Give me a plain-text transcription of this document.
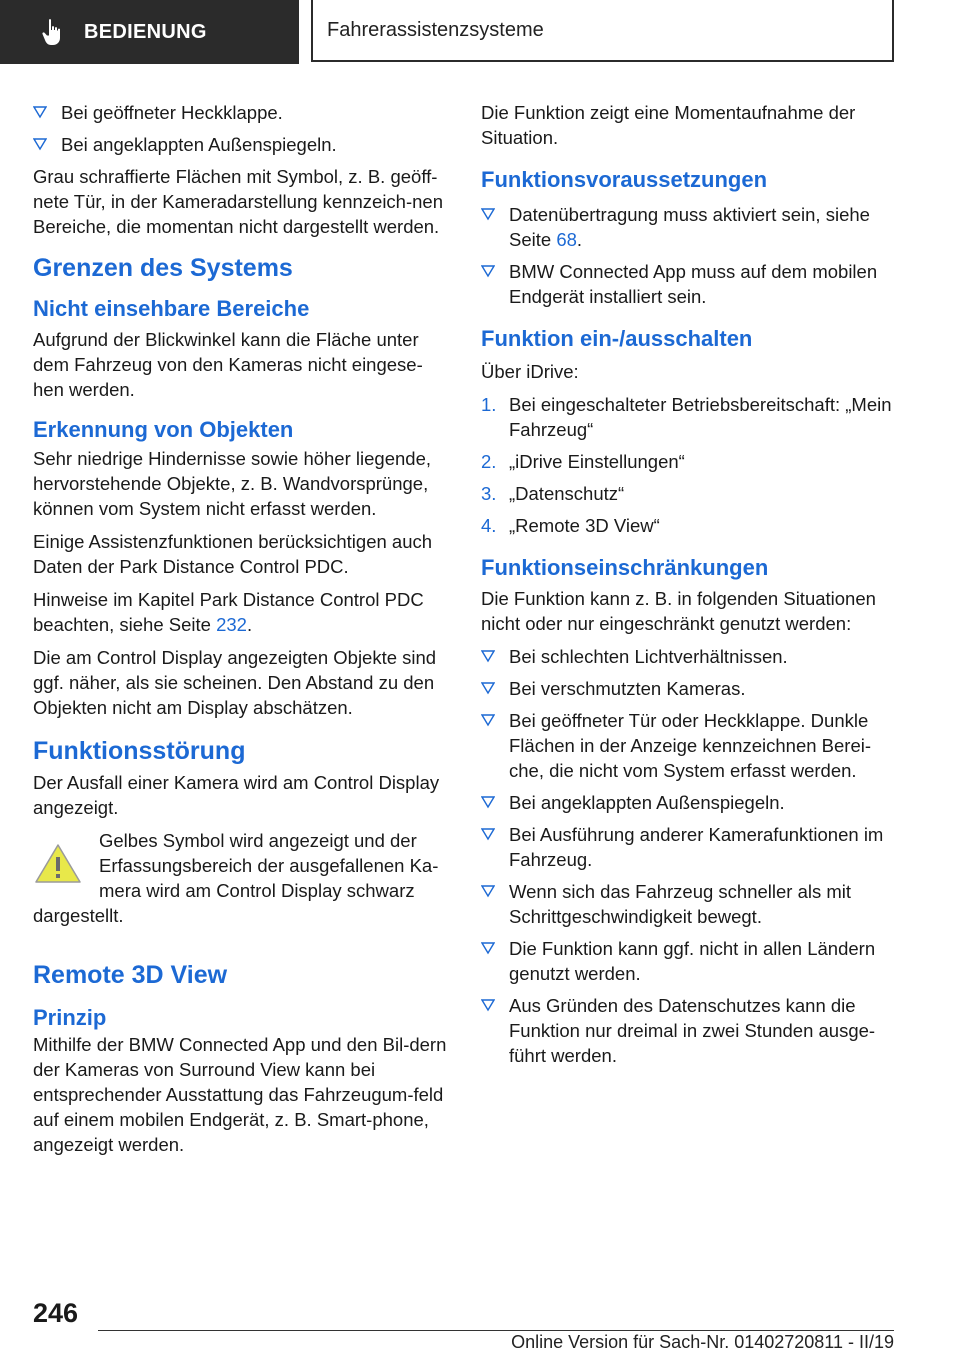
BEDIENUNG	Fahrerassistenzsysteme
Bei geöffneter Heckklappe.
Bei angeklappten Außenspiegeln.

Grau schraffierte Flächen mit Symbol, z. B. geöff-nete Tür, in der Kameradarstellung kennzeich-nen Bereiche, die momentan nicht dargestellt werden.

Grenzen des Systems
Nicht einsehbare Bereiche

Aufgrund der Blickwinkel kann die Fläche unter dem Fahrzeug von den Kameras nicht eingese-hen werden.

Erkennung von Objekten

Sehr niedrige Hindernisse sowie höher liegende, hervorstehende Objekte, z. B. Wandvorsprünge, können vom System nicht erfasst werden.

Einige Assistenzfunktionen berücksichtigen auch Daten der Park Distance Control PDC.

Hinweise im Kapitel Park Distance Control PDC beachten, siehe Seite 232.

Die am Control Display angezeigten Objekte sind ggf. näher, als sie scheinen. Den Abstand zu den Objekten nicht am Display abschätzen.

Funktionsstörung

Der Ausfall einer Kamera wird am Control Display angezeigt.

Gelbes Symbol wird angezeigt und der Erfassungsbereich der ausgefallenen Ka-mera wird am Control Display schwarz

dargestellt.

Remote 3D View
Prinzip

Mithilfe der BMW Connected App und den Bil-dern der Kameras von Surround View kann bei entsprechender Ausstattung das Fahrzeugum-feld auf einem mobilen Endgerät, z. B. Smart-phone, angezeigt werden.

Die Funktion zeigt eine Momentaufnahme der Situation.

Funktionsvoraussetzungen
Datenübertragung muss aktiviert sein, siehe Seite 68.
BMW Connected App muss auf dem mobilen Endgerät installiert sein.
Funktion ein-/ausschalten

Über iDrive:

1. Bei eingeschalteter Betriebsbereitschaft: „Mein Fahrzeug“
2. „iDrive Einstellungen“
3. „Datenschutz“
4. „Remote 3D View“
Funktionseinschränkungen

Die Funktion kann z. B. in folgenden Situationen nicht oder nur eingeschränkt genutzt werden:

Bei schlechten Lichtverhältnissen.
Bei verschmutzten Kameras.
Bei geöffneter Tür oder Heckklappe. Dunkle Flächen in der Anzeige kennzeichnen Berei-che, die nicht vom System erfasst werden.
Bei angeklappten Außenspiegeln.
Bei Ausführung anderer Kamerafunktionen im Fahrzeug.
Wenn sich das Fahrzeug schneller als mit Schrittgeschwindigkeit bewegt.
Die Funktion kann ggf. nicht in allen Ländern genutzt werden.
Aus Gründen des Datenschutzes kann die Funktion nur dreimal in zwei Stunden ausge-führt werden.
246
Online Version für Sach-Nr. 01402720811 - II/19
